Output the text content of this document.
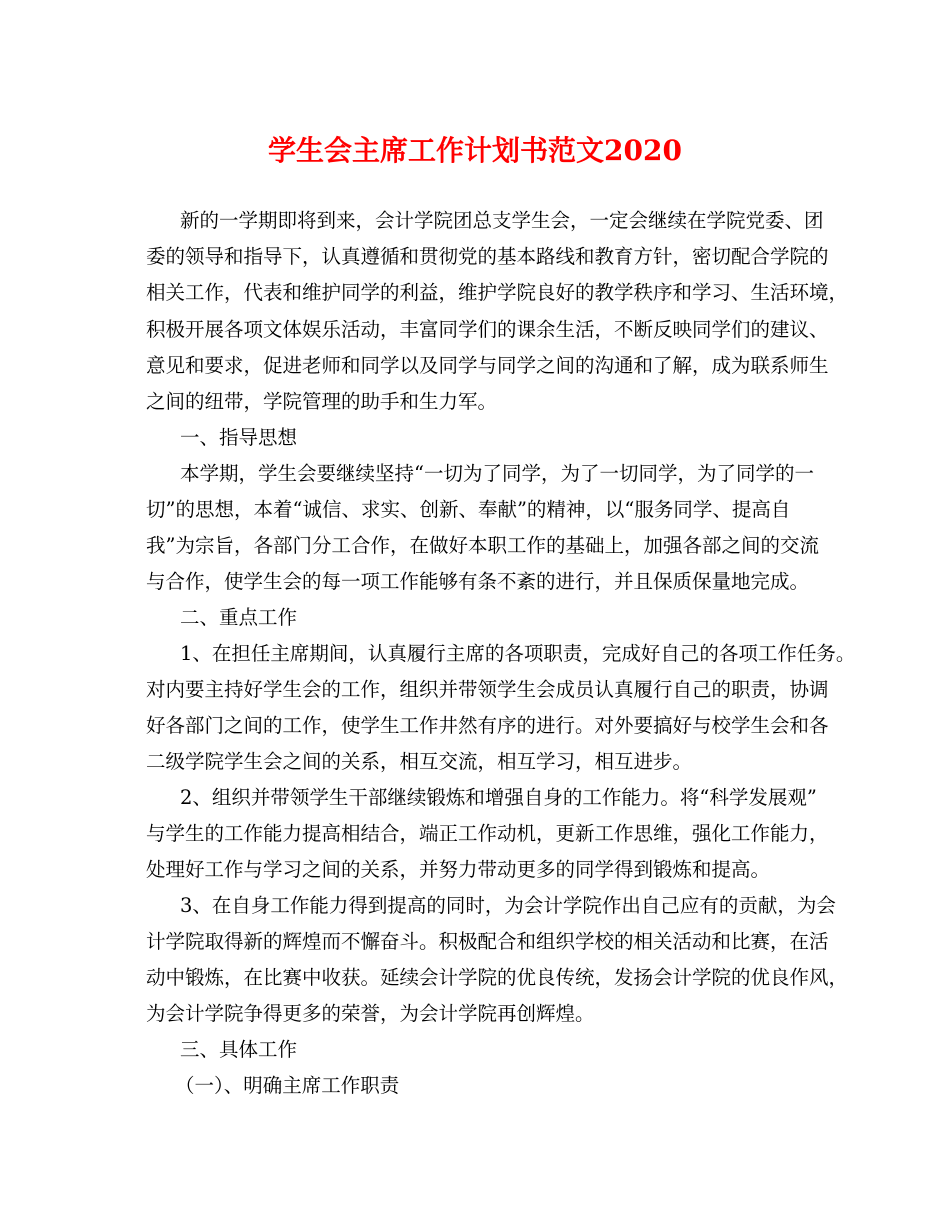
学生会主席工作计划书范文2020
新的一学期即将到来，会计学院团总支学生会，一定会继续在学院党委、团
委的领导和指导下，认真遵循和贯彻党的基本路线和教育方针，密切配合学院的
相关工作，代表和维护同学的利益，维护学院良好的教学秩序和学习、生活环境，
积极开展各项文体娱乐活动，丰富同学们的课余生活，不断反映同学们的建议、
意见和要求，促进老师和同学以及同学与同学之间的沟通和了解，成为联系师生
之间的纽带，学院管理的助手和生力军。
一、指导思想
本学期，学生会要继续坚持“一切为了同学，为了一切同学，为了同学的一
切”的思想，本着“诚信、求实、创新、奉献”的精神，以“服务同学、提高自
我”为宗旨，各部门分工合作，在做好本职工作的基础上，加强各部之间的交流
与合作，使学生会的每一项工作能够有条不紊的进行，并且保质保量地完成。
二、重点工作
1、在担任主席期间，认真履行主席的各项职责，完成好自己的各项工作任务。
对内要主持好学生会的工作，组织并带领学生会成员认真履行自己的职责，协调
好各部门之间的工作，使学生工作井然有序的进行。对外要搞好与校学生会和各
二级学院学生会之间的关系，相互交流，相互学习，相互进步。
2、组织并带领学生干部继续锻炼和增强自身的工作能力。将“科学发展观”
与学生的工作能力提高相结合，端正工作动机，更新工作思维，强化工作能力，
处理好工作与学习之间的关系，并努力带动更多的同学得到锻炼和提高。
3、在自身工作能力得到提高的同时，为会计学院作出自己应有的贡献，为会
计学院取得新的辉煌而不懈奋斗。积极配合和组织学校的相关活动和比赛，在活
动中锻炼，在比赛中收获。延续会计学院的优良传统，发扬会计学院的优良作风，
为会计学院争得更多的荣誉，为会计学院再创辉煌。
三、具体工作
（一）、明确主席工作职责
